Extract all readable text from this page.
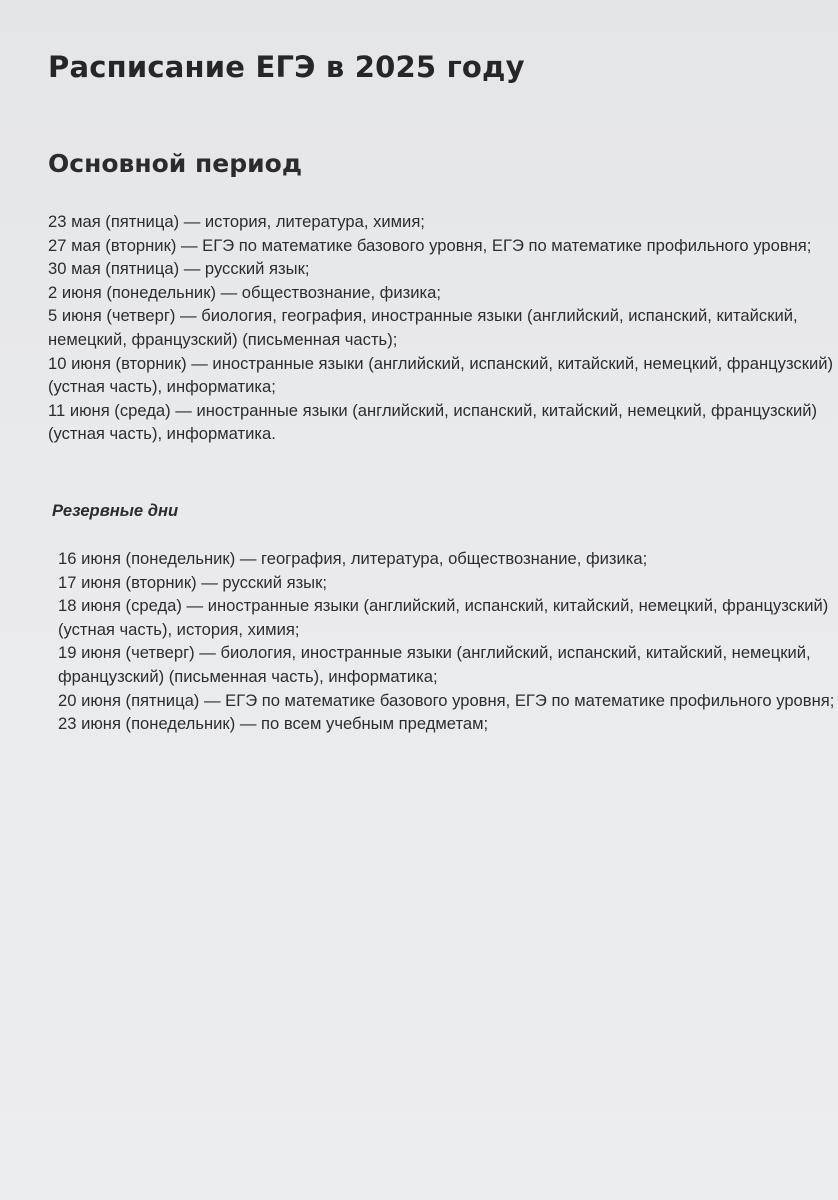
Расписание ЕГЭ в 2025 году
Основной период
23 мая (пятница) — история, литература, химия;
27 мая (вторник) — ЕГЭ по математике базового уровня, ЕГЭ по математике профильного уровня;
30 мая (пятница) — русский язык;
2 июня (понедельник) — обществознание, физика;
5 июня (четверг) — биология, география, иностранные языки (английский, испанский, китайский, немецкий, французский) (письменная часть);
10 июня (вторник) — иностранные языки (английский, испанский, китайский, немецкий, французский) (устная часть), информатика;
11 июня (среда) — иностранные языки (английский, испанский, китайский, немецкий, французский) (устная часть), информатика.
Резервные дни
16 июня (понедельник) — география, литература, обществознание, физика;
17 июня (вторник) — русский язык;
18 июня (среда) — иностранные языки (английский, испанский, китайский, немецкий, французский) (устная часть), история, химия;
19 июня (четверг) — биология, иностранные языки (английский, испанский, китайский, немецкий, французский) (письменная часть), информатика;
20 июня (пятница) — ЕГЭ по математике базового уровня, ЕГЭ по математике профильного уровня;
23 июня (понедельник) — по всем учебным предметам;
